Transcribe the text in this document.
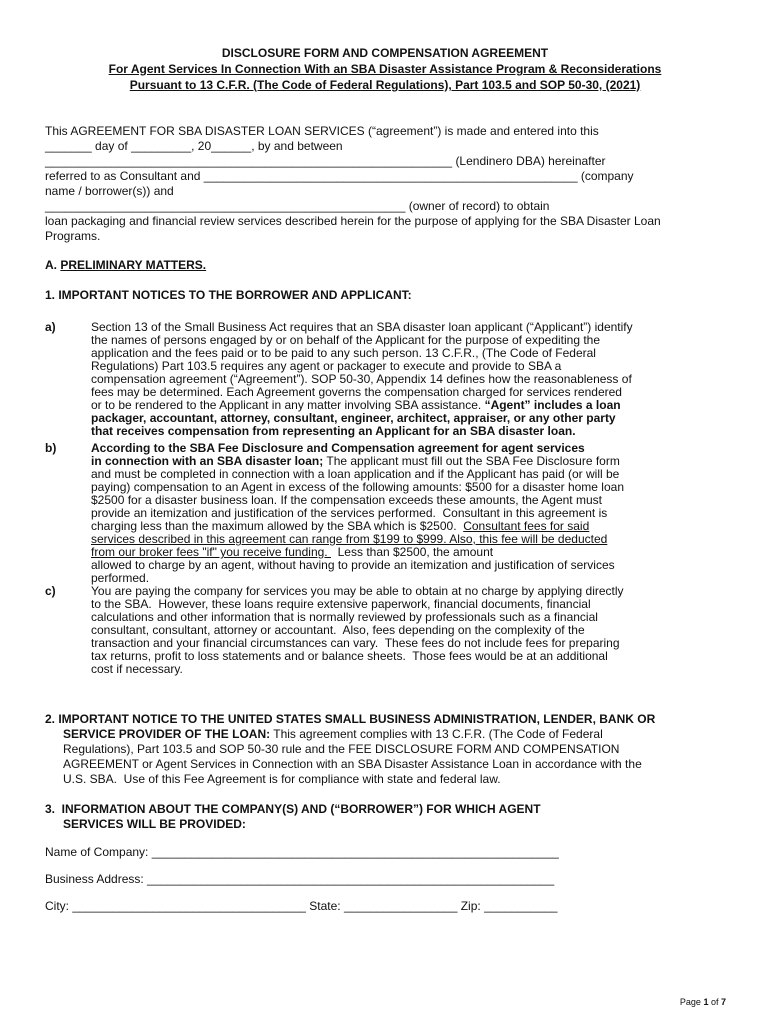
DISCLOSURE FORM AND COMPENSATION AGREEMENT
For Agent Services In Connection With an SBA Disaster Assistance Program & Reconsiderations
Pursuant to 13 C.F.R. (The Code of Federal Regulations), Part 103.5 and SOP 50-30, (2021)
This AGREEMENT FOR SBA DISASTER LOAN SERVICES (“agreement”) is made and entered into this
_______ day of _________, 20______, by and between
_____________________________________________________________ (Lendinero DBA) hereinafter
referred to as Consultant and ________________________________________________________ (company
name / borrower(s)) and
______________________________________________________ (owner of record) to obtain
loan packaging and financial review services described herein for the purpose of applying for the SBA Disaster Loan
Programs.
A. PRELIMINARY MATTERS.
1. IMPORTANT NOTICES TO THE BORROWER AND APPLICANT:
a)	Section 13 of the Small Business Act requires that an SBA disaster loan applicant (“Applicant”) identify
the names of persons engaged by or on behalf of the Applicant for the purpose of expediting the
application and the fees paid or to be paid to any such person. 13 C.F.R., (The Code of Federal
Regulations) Part 103.5 requires any agent or packager to execute and provide to SBA a
compensation agreement (“Agreement”). SOP 50-30, Appendix 14 defines how the reasonableness of
fees may be determined. Each Agreement governs the compensation charged for services rendered
or to be rendered to the Applicant in any matter involving SBA assistance. “Agent” includes a loan
packager, accountant, attorney, consultant, engineer, architect, appraiser, or any other party
that receives compensation from representing an Applicant for an SBA disaster loan.
b)	According to the SBA Fee Disclosure and Compensation agreement for agent services
in connection with an SBA disaster loan; The applicant must fill out the SBA Fee Disclosure form
and must be completed in connection with a loan application and if the Applicant has paid (or will be
paying) compensation to an Agent in excess of the following amounts: $500 for a disaster home loan
$2500 for a disaster business loan. If the compensation exceeds these amounts, the Agent must
provide an itemization and justification of the services performed.  Consultant in this agreement is
charging less than the maximum allowed by the SBA which is $2500.  Consultant fees for said
services described in this agreement can range from $199 to $999. Also, this fee will be deducted
from our broker fees "if" you receive funding.   Less than $2500, the amount
allowed to charge by an agent, without having to provide an itemization and justification of services
performed.
c)	You are paying the company for services you may be able to obtain at no charge by applying directly
to the SBA.  However, these loans require extensive paperwork, financial documents, financial
calculations and other information that is normally reviewed by professionals such as a financial
consultant, consultant, attorney or accountant.  Also, fees depending on the complexity of the
transaction and your financial circumstances can vary.  These fees do not include fees for preparing
tax returns, profit to loss statements and or balance sheets.  Those fees would be at an additional
cost if necessary.
2. IMPORTANT NOTICE TO THE UNITED STATES SMALL BUSINESS ADMINISTRATION, LENDER, BANK OR
SERVICE PROVIDER OF THE LOAN: This agreement complies with 13 C.F.R. (The Code of Federal
Regulations), Part 103.5 and SOP 50-30 rule and the FEE DISCLOSURE FORM AND COMPENSATION
AGREEMENT or Agent Services in Connection with an SBA Disaster Assistance Loan in accordance with the
U.S. SBA.  Use of this Fee Agreement is for compliance with state and federal law.
3.  INFORMATION ABOUT THE COMPANY(S) AND (“BORROWER”) FOR WHICH AGENT
SERVICES WILL BE PROVIDED:
Name of Company: _____________________________________________________________
Business Address: _____________________________________________________________
City: ___________________________________ State: _________________ Zip: ___________
Page 1 of 7
